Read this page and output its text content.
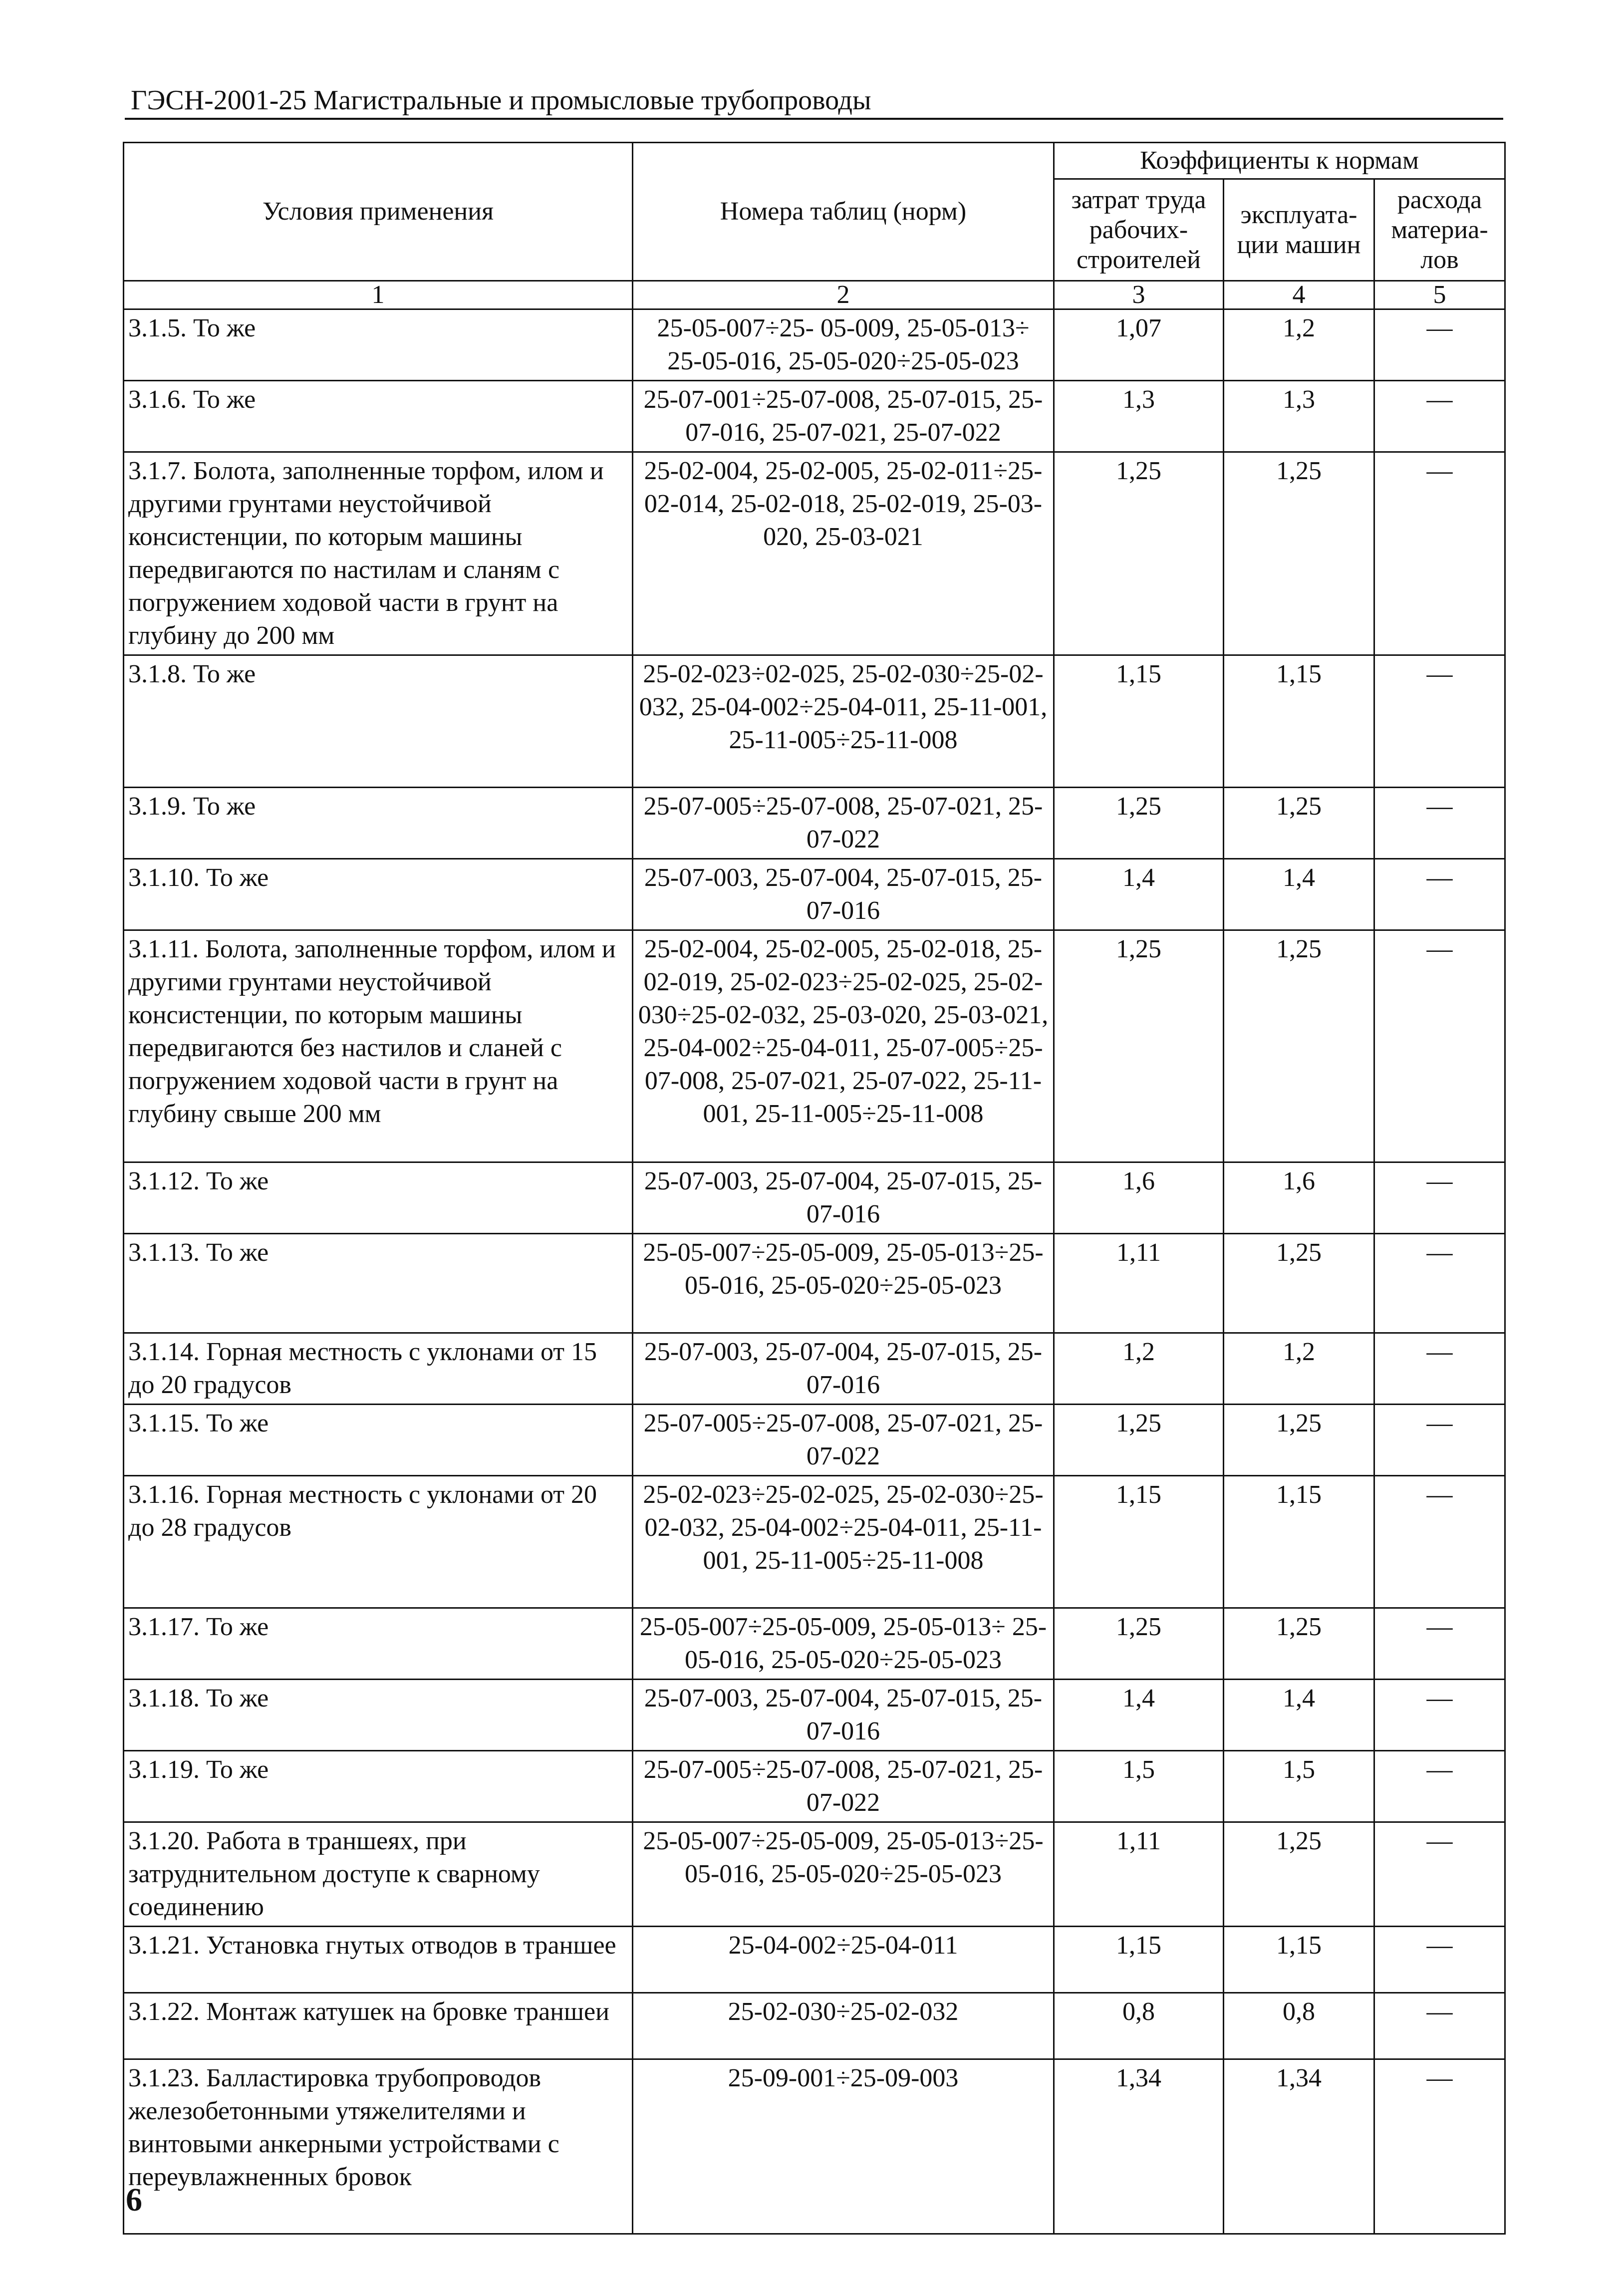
ГЭСН-2001-25 Магистральные и промысловые трубопроводы
Условия применения	Номера таблиц (норм)	Коэффициенты к нормам		
		затрат труда рабочих-строителей	эксплуата-ции машин	расхода материа-лов
1	2	3	4	5
3.1.5. То же	25-05-007÷25- 05-009, 25-05-013÷ 25-05-016, 25-05-020÷25-05-023	1,07	1,2	—
3.1.6. То же	25-07-001÷25-07-008, 25-07-015, 25-07-016, 25-07-021, 25-07-022	1,3	1,3	—
3.1.7. Болота, заполненные торфом, илом и другими грунтами неустойчивой консистенции, по которым машины передвигаются по настилам и сланям с погружением ходовой части в грунт на глубину до 200 мм	25-02-004, 25-02-005, 25-02-011÷25-02-014, 25-02-018, 25-02-019, 25-03-020, 25-03-021	1,25	1,25	—
3.1.8. То же	25-02-023÷02-025, 25-02-030÷25-02-032, 25-04-002÷25-04-011, 25-11-001, 25-11-005÷25-11-008	1,15	1,15	—
3.1.9. То же	25-07-005÷25-07-008, 25-07-021, 25-07-022	1,25	1,25	—
3.1.10. То же	25-07-003, 25-07-004, 25-07-015, 25-07-016	1,4	1,4	—
3.1.11. Болота, заполненные торфом, илом и другими грунтами неустойчивой консистенции, по которым машины передвигаются без настилов и сланей с погружением ходовой части в грунт на глубину свыше 200 мм	25-02-004, 25-02-005, 25-02-018, 25-02-019, 25-02-023÷25-02-025, 25-02-030÷25-02-032, 25-03-020, 25-03-021, 25-04-002÷25-04-011, 25-07-005÷25-07-008, 25-07-021, 25-07-022, 25-11-001, 25-11-005÷25-11-008	1,25	1,25	—
3.1.12. То же	25-07-003, 25-07-004, 25-07-015, 25-07-016	1,6	1,6	—
3.1.13. То же	25-05-007÷25-05-009, 25-05-013÷25-05-016, 25-05-020÷25-05-023	1,11	1,25	—
3.1.14. Горная местность с уклонами от 15 до 20 градусов	25-07-003, 25-07-004, 25-07-015, 25-07-016	1,2	1,2	—
3.1.15. То же	25-07-005÷25-07-008, 25-07-021, 25-07-022	1,25	1,25	—
3.1.16. Горная местность с уклонами от 20 до 28 градусов	25-02-023÷25-02-025, 25-02-030÷25-02-032, 25-04-002÷25-04-011, 25-11-001, 25-11-005÷25-11-008	1,15	1,15	—
3.1.17. То же	25-05-007÷25-05-009, 25-05-013÷ 25-05-016, 25-05-020÷25-05-023	1,25	1,25	—
3.1.18. То же	25-07-003, 25-07-004, 25-07-015, 25-07-016	1,4	1,4	—
3.1.19. То же	25-07-005÷25-07-008, 25-07-021, 25-07-022	1,5	1,5	—
3.1.20. Работа в траншеях, при затруднительном доступе к сварному соединению	25-05-007÷25-05-009, 25-05-013÷25-05-016, 25-05-020÷25-05-023	1,11	1,25	—
3.1.21. Установка гнутых отводов в траншее	25-04-002÷25-04-011	1,15	1,15	—
3.1.22. Монтаж катушек на бровке траншеи	25-02-030÷25-02-032	0,8	0,8	—
3.1.23. Балластировка трубопроводов железобетонными утяжелителями и винтовыми анкерными устройствами с переувлажненных бровок	25-09-001÷25-09-003	1,34	1,34	—
6
